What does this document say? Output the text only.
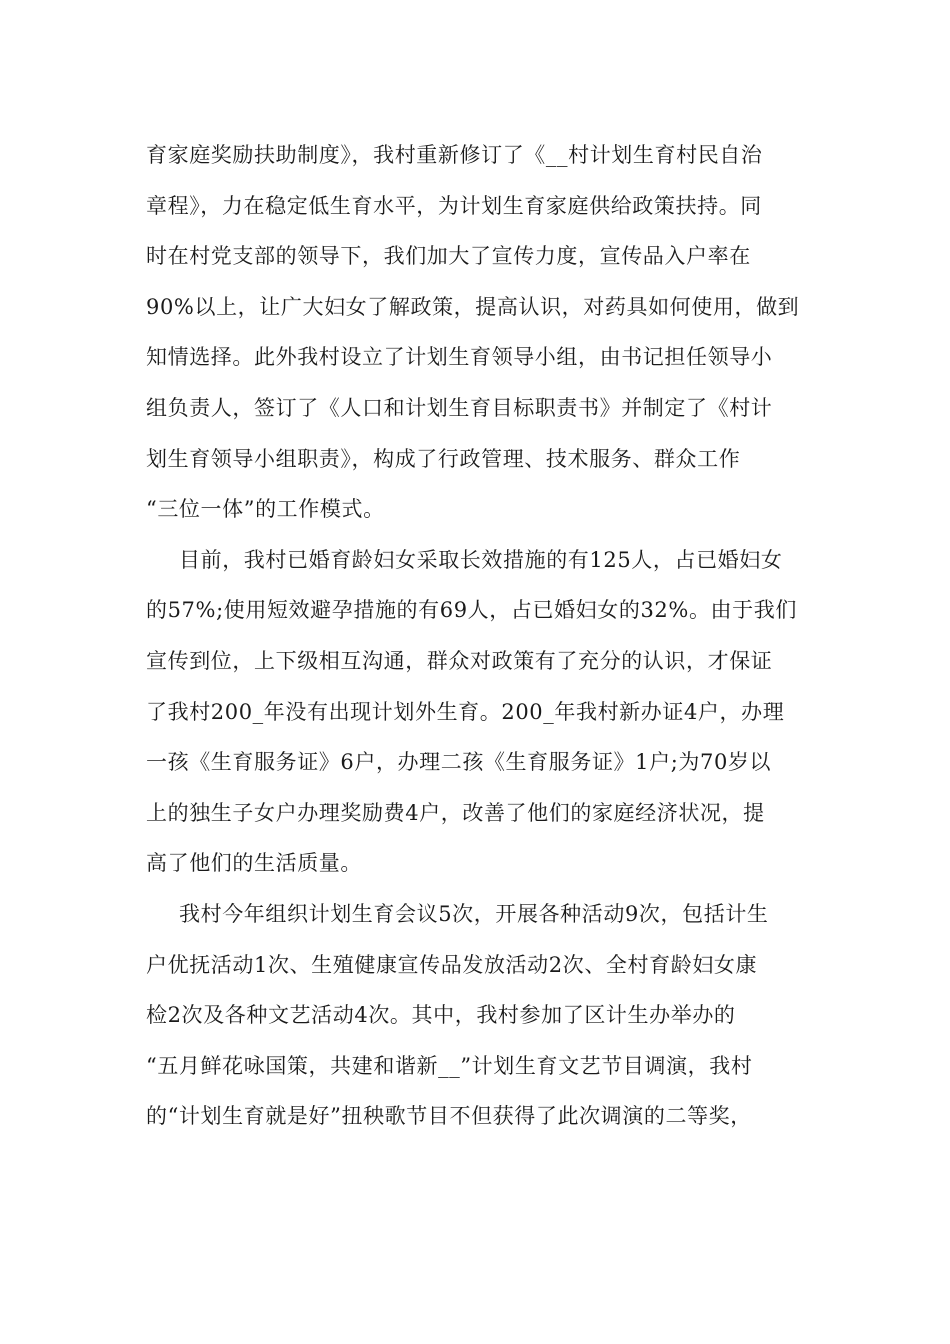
育家庭奖励扶助制度》，我村重新修订了《__村计划生育村民自治
章程》，力在稳定低生育水平，为计划生育家庭供给政策扶持。同
时在村党支部的领导下，我们加大了宣传力度，宣传品入户率在
90%以上，让广大妇女了解政策，提高认识，对药具如何使用，做到
知情选择。此外我村设立了计划生育领导小组，由书记担任领导小
组负责人，签订了《人口和计划生育目标职责书》并制定了《村计
划生育领导小组职责》，构成了行政管理、技术服务、群众工作
“三位一体”的工作模式。
目前，我村已婚育龄妇女采取长效措施的有125人，占已婚妇女
的57%;使用短效避孕措施的有69人，占已婚妇女的32%。由于我们
宣传到位，上下级相互沟通，群众对政策有了充分的认识，才保证
了我村200_年没有出现计划外生育。200_年我村新办证4户，办理
一孩《生育服务证》6户，办理二孩《生育服务证》1户;为70岁以
上的独生子女户办理奖励费4户，改善了他们的家庭经济状况，提
高了他们的生活质量。
我村今年组织计划生育会议5次，开展各种活动9次，包括计生
户优抚活动1次、生殖健康宣传品发放活动2次、全村育龄妇女康
检2次及各种文艺活动4次。其中，我村参加了区计生办举办的
“五月鲜花咏国策，共建和谐新__”计划生育文艺节目调演，我村
的“计划生育就是好”扭秧歌节目不但获得了此次调演的二等奖，
